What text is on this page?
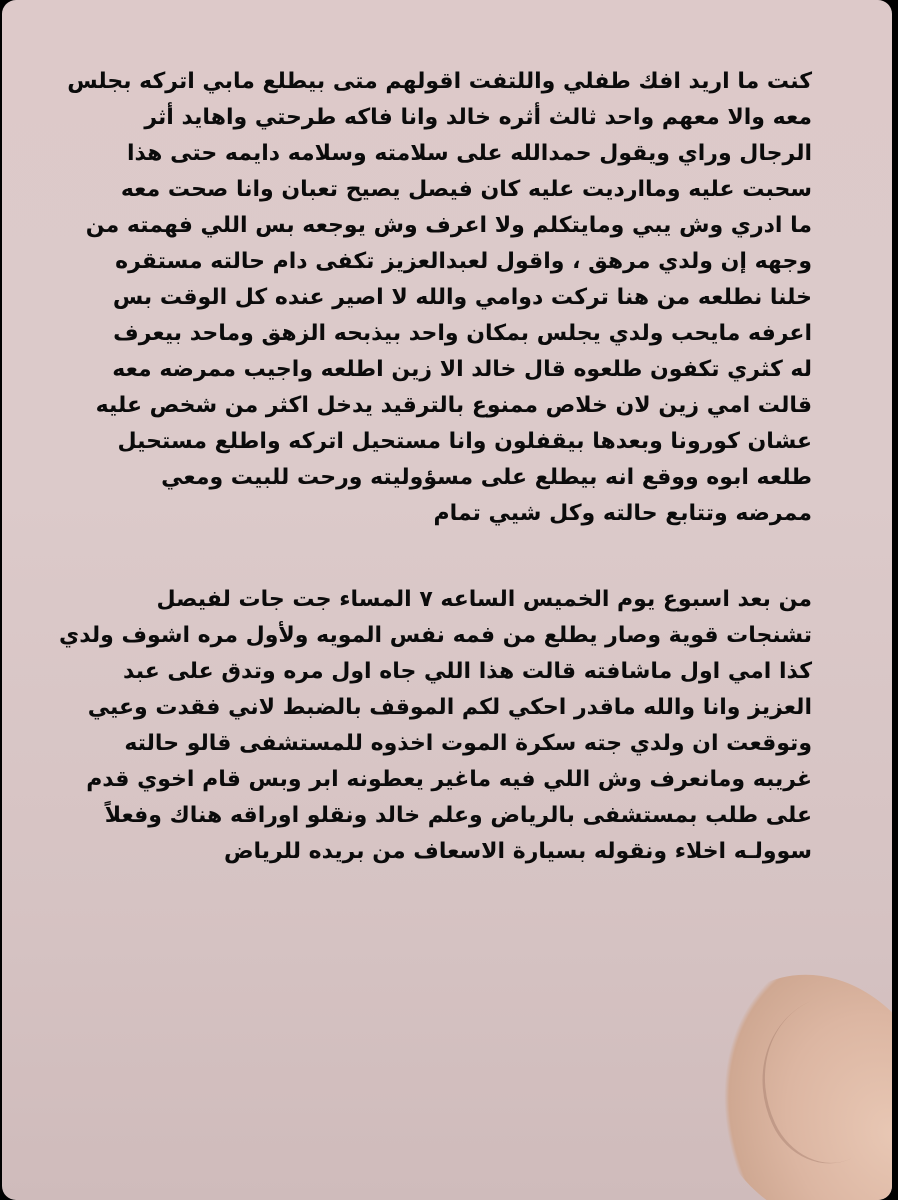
كنت ما اريد افك طفلي واللتفت اقولهم متى بيطلع مابي اتركه بجلس
معه والا معهم واحد ثالث أثره خالد وانا فاكه طرحتي واهايد أثر
الرجال وراي ويقول حمدالله على سلامته وسلامه دايمه حتى هذا
سحبت عليه وماارديت عليه كان فيصل يصيح تعبان وانا صحت معه
ما ادري وش يبي ومايتكلم ولا اعرف وش يوجعه بس اللي فهمته من
وجهه إن ولدي مرهق ، واقول لعبدالعزيز تكفى دام حالته مستقره
خلنا نطلعه من هنا تركت دوامي والله لا اصير عنده كل الوقت بس
اعرفه مايحب ولدي يجلس بمكان واحد بيذبحه الزهق وماحد بيعرف
له كثري تكفون طلعوه قال خالد الا زين اطلعه واجيب ممرضه معه
قالت امي زين لان خلاص ممنوع بالترقيد يدخل اكثر من شخص عليه
عشان كورونا وبعدها بيقفلون وانا مستحيل اتركه واطلع مستحيل
طلعه ابوه ووقع انه بيطلع على مسؤوليته ورحت للبيت ومعي
ممرضه وتتابع حالته وكل شيي تمام
من بعد اسبوع يوم الخميس الساعه ٧ المساء جت جات لفيصل
تشنجات قوية وصار يطلع من فمه نفس المويه ولأول مره اشوف ولدي
كذا امي اول ماشافته قالت هذا اللي جاه اول مره وتدق على عبد
العزيز وانا والله ماقدر احكي لكم الموقف بالضبط لاني فقدت وعيي
وتوقعت ان ولدي جته سكرة الموت اخذوه للمستشفى قالو حالته
غريبه ومانعرف وش اللي فيه ماغير يعطونه ابر وبس قام اخوي قدم
على طلب بمستشفى بالرياض وعلم خالد ونقلو اوراقه هناك وفعلاً
سوولـه اخلاء ونقوله بسيارة الاسعاف من بريده للرياض
